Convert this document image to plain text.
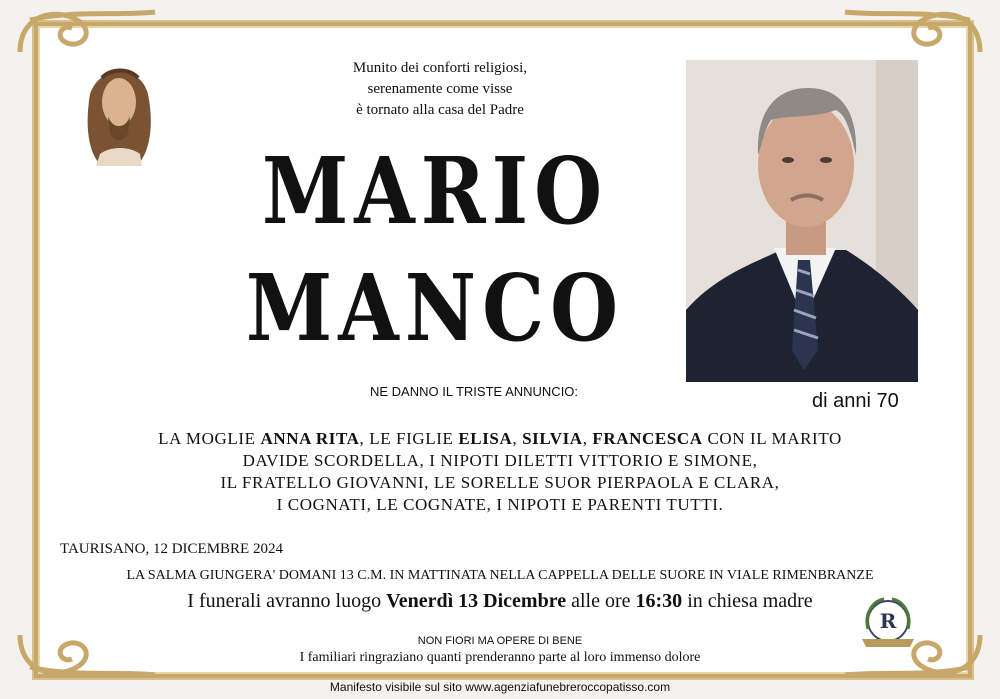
Munito dei conforti religiosi,
serenamente come visse
è tornato alla casa del Padre
MARIO
MANCO
di anni 70
NE DANNO IL TRISTE ANNUNCIO:
LA MOGLIE ANNA RITA, LE FIGLIE ELISA, SILVIA, FRANCESCA CON IL MARITO
DAVIDE SCORDELLA, I NIPOTI DILETTI VITTORIO E SIMONE,
IL FRATELLO GIOVANNI, LE SORELLE SUOR PIERPAOLA E CLARA,
I COGNATI, LE COGNATE, I NIPOTI E PARENTI TUTTI.
TAURISANO, 12 DICEMBRE 2024
LA SALMA GIUNGERA' DOMANI 13 C.M. IN MATTINATA NELLA CAPPELLA DELLE SUORE IN VIALE RIMENBRANZE
I funerali avranno luogo Venerdì 13 Dicembre alle ore 16:30 in chiesa madre
NON FIORI MA OPERE DI BENE
I familiari ringraziano quanti prenderanno parte al loro immenso dolore
R
Manifesto visibile sul sito www.agenziafunebreroccopatisso.com
